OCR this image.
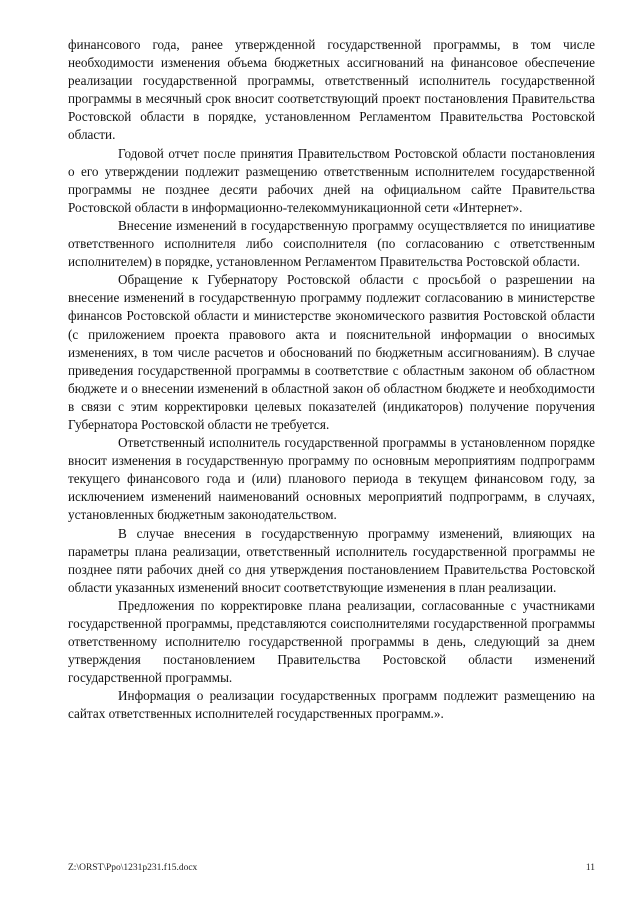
финансового года, ранее утвержденной государственной программы, в том числе необходимости изменения объема бюджетных ассигнований на финансовое обеспечение реализации государственной программы, ответственный исполнитель государственной программы в месячный срок вносит соответствующий проект постановления Правительства Ростовской области в порядке, установленном Регламентом Правительства Ростовской области.

Годовой отчет после принятия Правительством Ростовской области постановления о его утверждении подлежит размещению ответственным исполнителем государственной программы не позднее десяти рабочих дней на официальном сайте Правительства Ростовской области в информационно-телекоммуникационной сети «Интернет».

Внесение изменений в государственную программу осуществляется по инициативе ответственного исполнителя либо соисполнителя (по согласованию с ответственным исполнителем) в порядке, установленном Регламентом Правительства Ростовской области.

Обращение к Губернатору Ростовской области с просьбой о разрешении на внесение изменений в государственную программу подлежит согласованию в министерстве финансов Ростовской области и министерстве экономического развития Ростовской области (с приложением проекта правового акта и пояснительной информации о вносимых изменениях, в том числе расчетов и обоснований по бюджетным ассигнованиям). В случае приведения государственной программы в соответствие с областным законом об областном бюджете и о внесении изменений в областной закон об областном бюджете и необходимости в связи с этим корректировки целевых показателей (индикаторов) получение поручения Губернатора Ростовской области не требуется.

Ответственный исполнитель государственной программы в установленном порядке вносит изменения в государственную программу по основным мероприятиям подпрограмм текущего финансового года и (или) планового периода в текущем финансовом году, за исключением изменений наименований основных мероприятий подпрограмм, в случаях, установленных бюджетным законодательством.

В случае внесения в государственную программу изменений, влияющих на параметры плана реализации, ответственный исполнитель государственной программы не позднее пяти рабочих дней со дня утверждения постановлением Правительства Ростовской области указанных изменений вносит соответствующие изменения в план реализации.

Предложения по корректировке плана реализации, согласованные с участниками государственной программы, представляются соисполнителями государственной программы ответственному исполнителю государственной программы в день, следующий за днем утверждения постановлением Правительства Ростовской области изменений государственной программы.

Информация о реализации государственных программ подлежит размещению на сайтах ответственных исполнителей государственных программ.».

Z:\ORST\Ppo\1231p231.f15.docx	11
